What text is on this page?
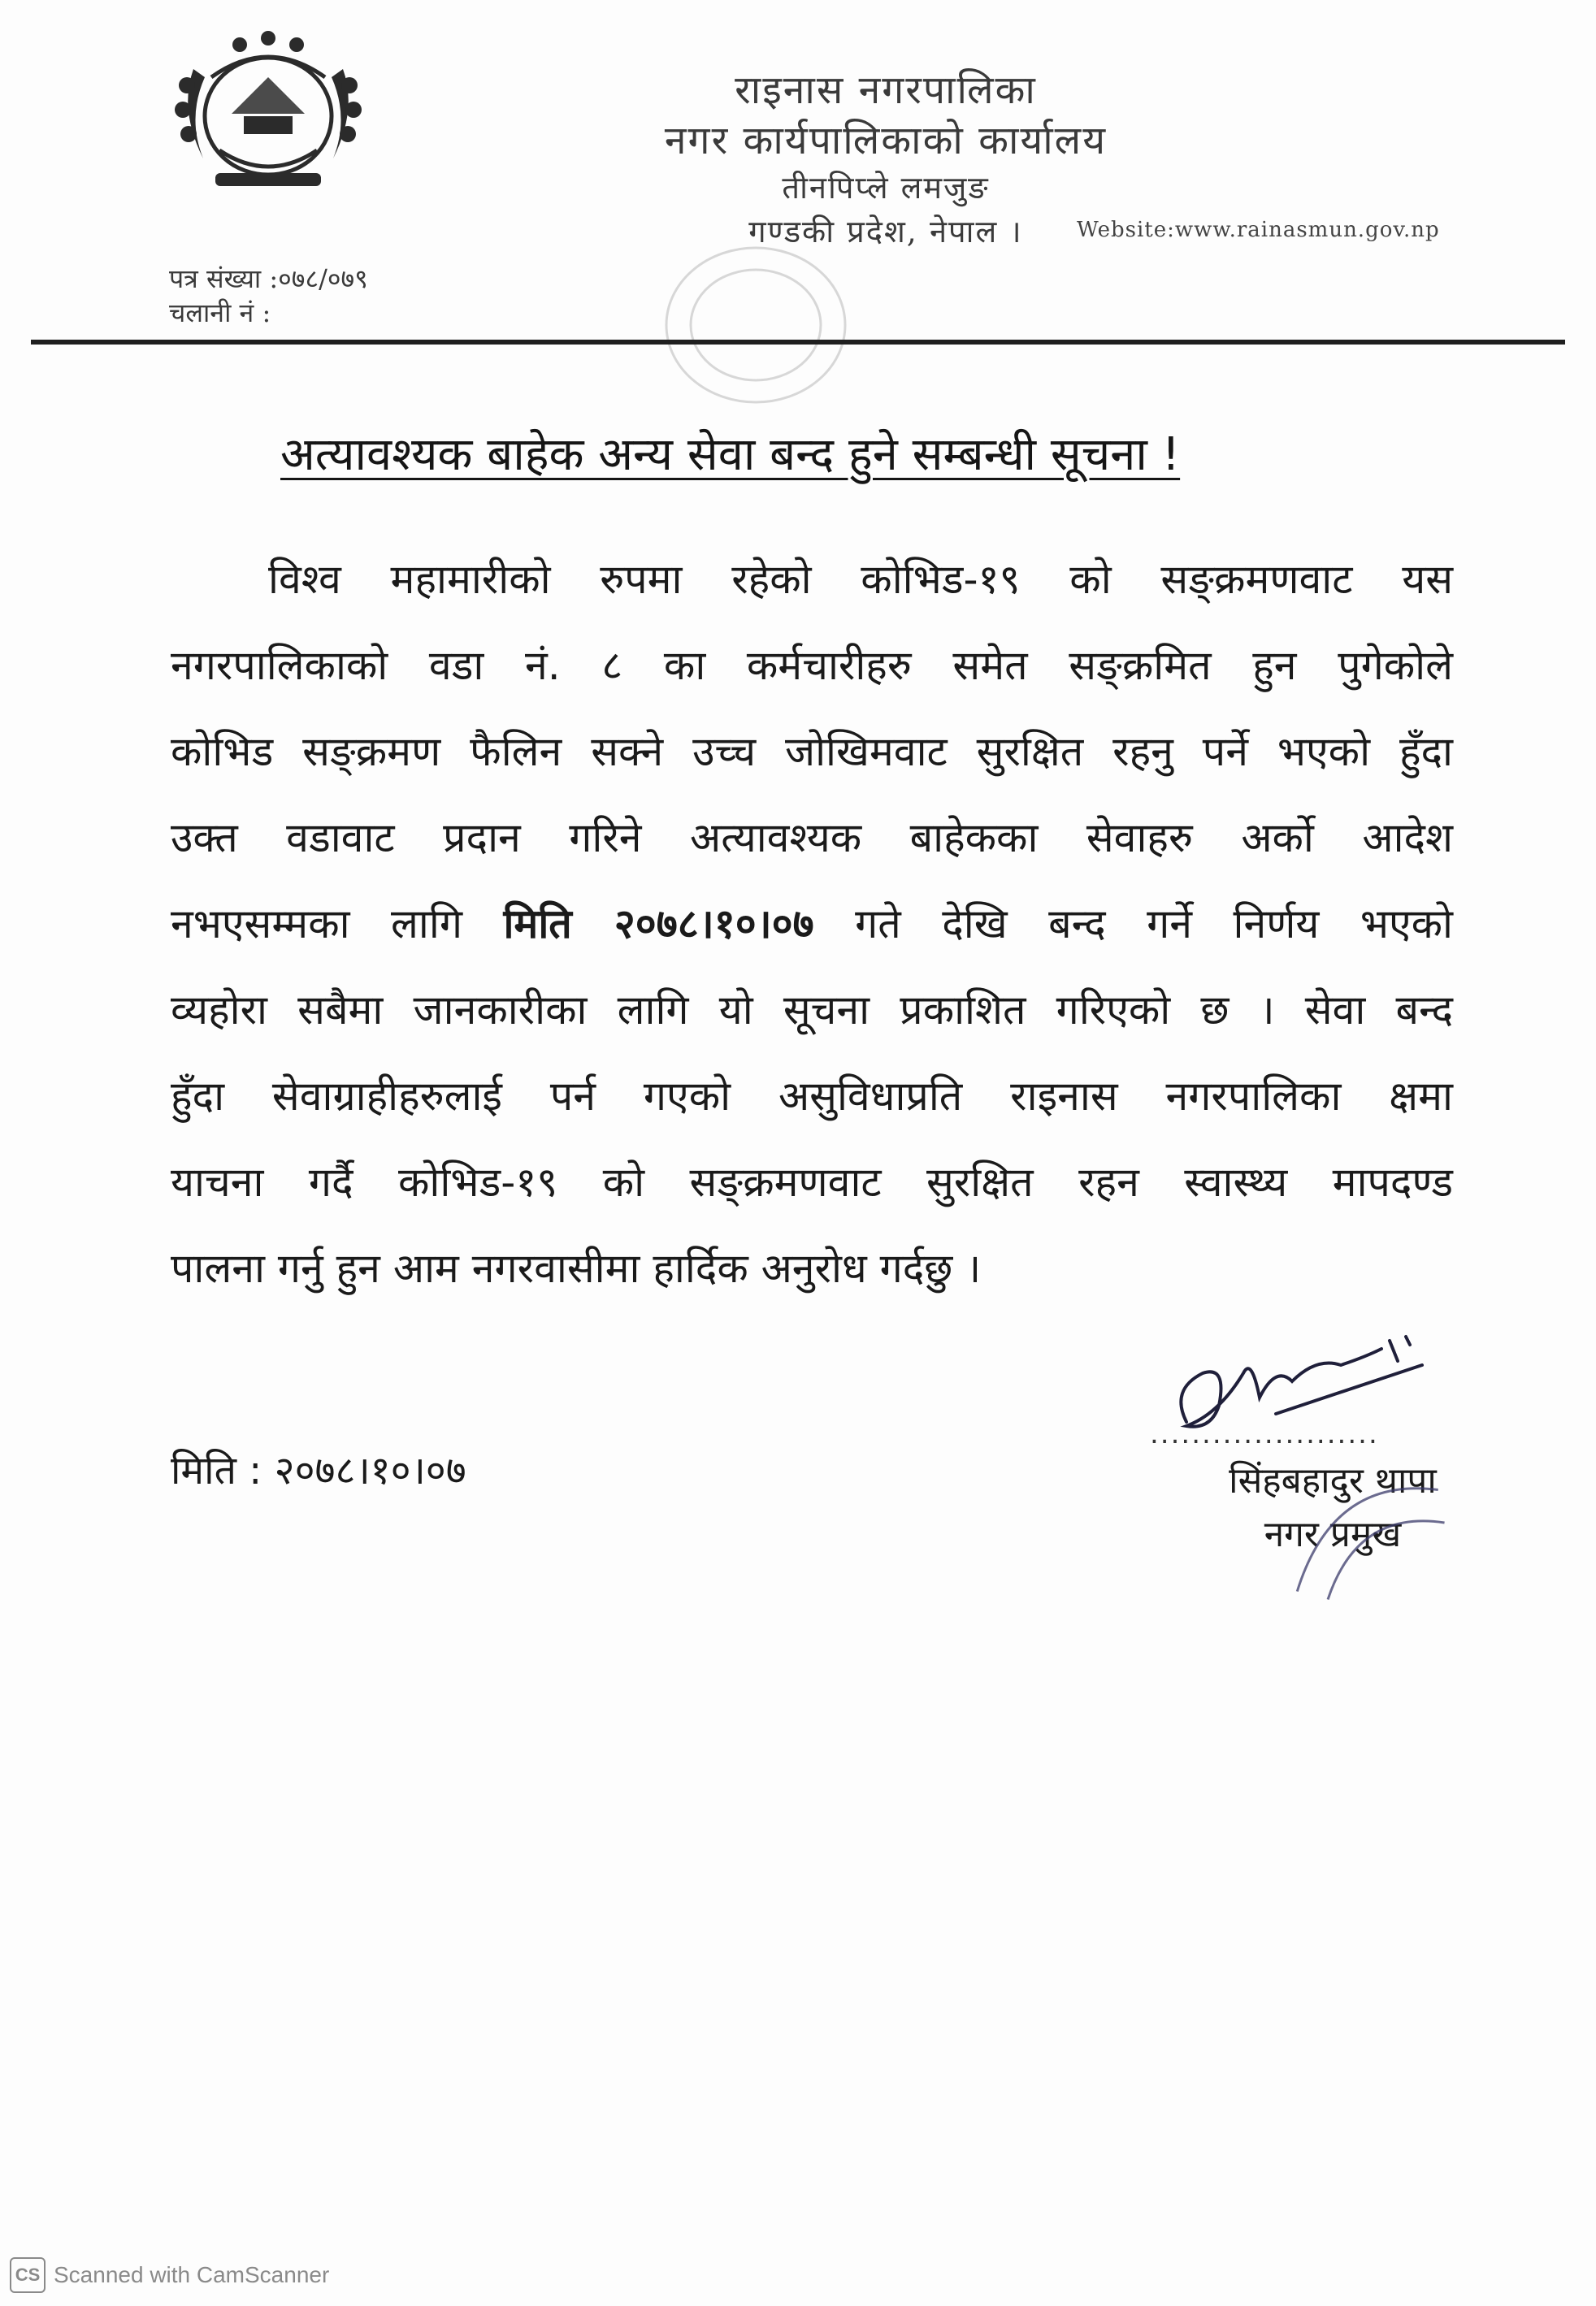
राइनास नगरपालिका
नगर कार्यपालिकाको कार्यालय
तीनपिप्ले लमजुङ
गण्डकी प्रदेश, नेपाल ।	Website:www.rainasmun.gov.np
पत्र संख्या :०७८/०७९
चलानी नं :
अत्यावश्यक बाहेक अन्य सेवा बन्द हुने सम्बन्धी सूचना !
विश्व महामारीको रुपमा रहेको कोभिड-१९ को सङ्क्रमणवाट यस
नगरपालिकाको वडा नं. ८ का कर्मचारीहरु समेत सङ्क्रमित हुन पुगेकोले
कोभिड सङ्क्रमण फैलिन सक्ने उच्च जोखिमवाट सुरक्षित रहनु पर्ने भएको हुँदा
उक्त वडावाट प्रदान गरिने अत्यावश्यक बाहेकका सेवाहरु अर्को आदेश
नभएसम्मका लागि मिति २०७८।१०।०७ गते देखि बन्द गर्ने निर्णय भएको
व्यहोरा सबैमा जानकारीका लागि यो सूचना प्रकाशित गरिएको छ । सेवा बन्द
हुँदा सेवाग्राहीहरुलाई पर्न गएको असुविधाप्रति राइनास नगरपालिका क्षमा
याचना गर्दै कोभिड-१९ को सङ्क्रमणवाट सुरक्षित रहन स्वास्थ्य मापदण्ड
पालना गर्नु हुन आम नगरवासीमा हार्दिक अनुरोध गर्दछु ।
मिति : २०७८।१०।०७
......................
सिंहबहादुर थापा
नगर प्रमुख
CS Scanned with CamScanner
